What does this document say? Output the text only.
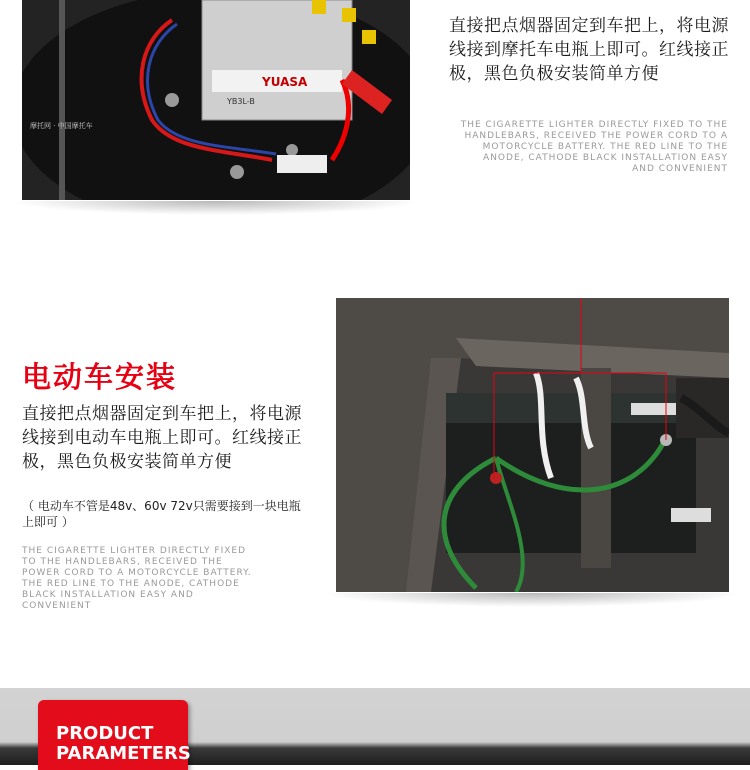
YUASA
YB3L-B
摩托网 · 中国摩托车
直接把点烟器固定到车把上，将电源线接到摩托车电瓶上即可。红线接正极，黑色负极安装简单方便
THE CIGARETTE LIGHTER DIRECTLY FIXED TO THE HANDLEBARS, RECEIVED THE POWER CORD TO A MOTORCYCLE BATTERY. THE RED LINE TO THE ANODE, CATHODE BLACK INSTALLATION EASY AND CONVENIENT
电动车安装
直接把点烟器固定到车把上，将电源线接到电动车电瓶上即可。红线接正极，黑色负极安装简单方便
（ 电动车不管是48v、60v 72v只需要接到一块电瓶上即可 ）
THE CIGARETTE LIGHTER DIRECTLY FIXED TO THE HANDLEBARS, RECEIVED THE POWER CORD TO A MOTORCYCLE BATTERY. THE RED LINE TO THE ANODE, CATHODE BLACK INSTALLATION EASY AND CONVENIENT
PRODUCT
PARAMETERS
